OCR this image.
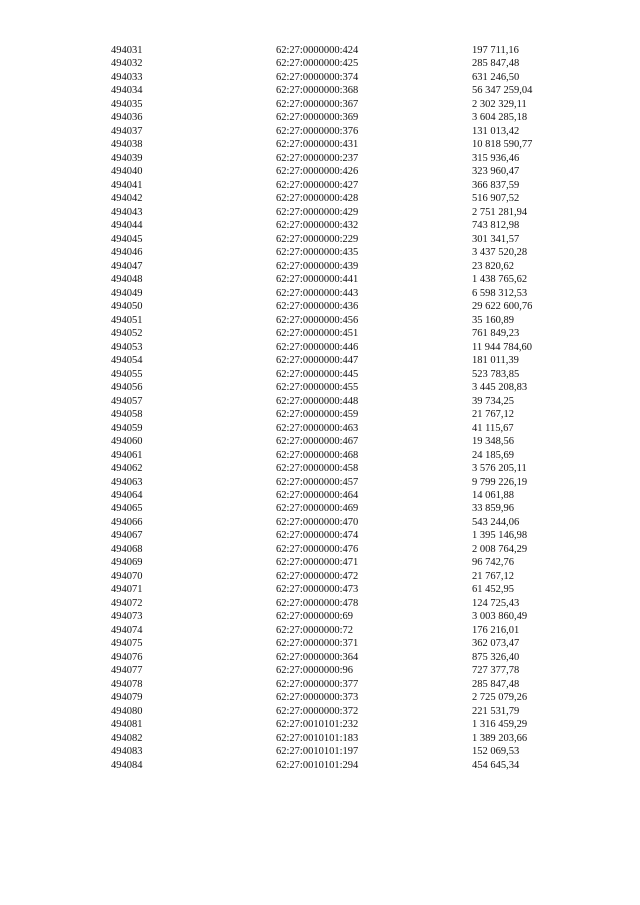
494031	62:27:0000000:424	197 711,16
494032	62:27:0000000:425	285 847,48
494033	62:27:0000000:374	631 246,50
494034	62:27:0000000:368	56 347 259,04
494035	62:27:0000000:367	2 302 329,11
494036	62:27:0000000:369	3 604 285,18
494037	62:27:0000000:376	131 013,42
494038	62:27:0000000:431	10 818 590,77
494039	62:27:0000000:237	315 936,46
494040	62:27:0000000:426	323 960,47
494041	62:27:0000000:427	366 837,59
494042	62:27:0000000:428	516 907,52
494043	62:27:0000000:429	2 751 281,94
494044	62:27:0000000:432	743 812,98
494045	62:27:0000000:229	301 341,57
494046	62:27:0000000:435	3 437 520,28
494047	62:27:0000000:439	23 820,62
494048	62:27:0000000:441	1 438 765,62
494049	62:27:0000000:443	6 598 312,53
494050	62:27:0000000:436	29 622 600,76
494051	62:27:0000000:456	35 160,89
494052	62:27:0000000:451	761 849,23
494053	62:27:0000000:446	11 944 784,60
494054	62:27:0000000:447	181 011,39
494055	62:27:0000000:445	523 783,85
494056	62:27:0000000:455	3 445 208,83
494057	62:27:0000000:448	39 734,25
494058	62:27:0000000:459	21 767,12
494059	62:27:0000000:463	41 115,67
494060	62:27:0000000:467	19 348,56
494061	62:27:0000000:468	24 185,69
494062	62:27:0000000:458	3 576 205,11
494063	62:27:0000000:457	9 799 226,19
494064	62:27:0000000:464	14 061,88
494065	62:27:0000000:469	33 859,96
494066	62:27:0000000:470	543 244,06
494067	62:27:0000000:474	1 395 146,98
494068	62:27:0000000:476	2 008 764,29
494069	62:27:0000000:471	96 742,76
494070	62:27:0000000:472	21 767,12
494071	62:27:0000000:473	61 452,95
494072	62:27:0000000:478	124 725,43
494073	62:27:0000000:69	3 003 860,49
494074	62:27:0000000:72	176 216,01
494075	62:27:0000000:371	362 073,47
494076	62:27:0000000:364	875 326,40
494077	62:27:0000000:96	727 377,78
494078	62:27:0000000:377	285 847,48
494079	62:27:0000000:373	2 725 079,26
494080	62:27:0000000:372	221 531,79
494081	62:27:0010101:232	1 316 459,29
494082	62:27:0010101:183	1 389 203,66
494083	62:27:0010101:197	152 069,53
494084	62:27:0010101:294	454 645,34
